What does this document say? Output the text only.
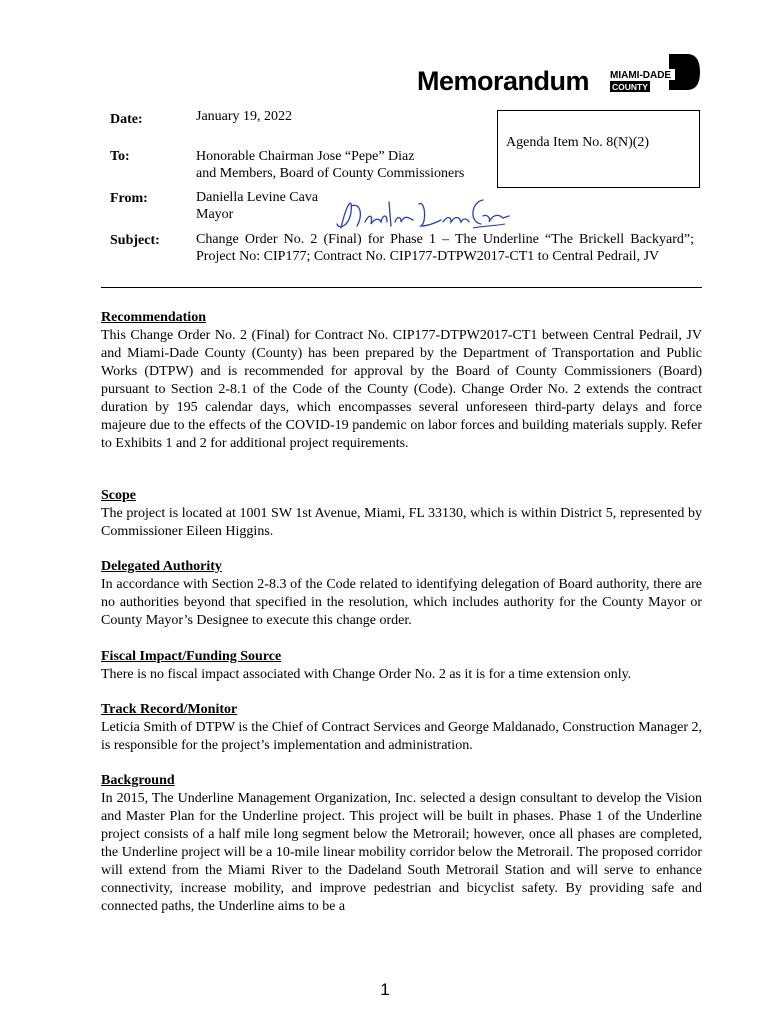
Memorandum MIAMI-DADE
COUNTY
Date:	January 19, 2022
Agenda Item No. 8(N)(2)
To:	Honorable Chairman Jose “Pepe” Diaz
and Members, Board of County Commissioners
From:	Daniella Levine Cava
Mayor
Subject:	Change Order No. 2 (Final) for Phase 1 – The Underline “The Brickell Backyard”; Project No: CIP177; Contract No. CIP177-DTPW2017-CT1 to Central Pedrail, JV
Recommendation

This Change Order No. 2 (Final) for Contract No. CIP177-DTPW2017-CT1 between Central Pedrail, JV and Miami-Dade County (County) has been prepared by the Department of Transportation and Public Works (DTPW) and is recommended for approval by the Board of County Commissioners (Board) pursuant to Section 2-8.1 of the Code of the County (Code). Change Order No. 2 extends the contract duration by 195 calendar days, which encompasses several unforeseen third-party delays and force majeure due to the effects of the COVID-19 pandemic on labor forces and building materials supply. Refer to Exhibits 1 and 2 for additional project requirements.

Scope

The project is located at 1001 SW 1st Avenue, Miami, FL 33130, which is within District 5, represented by Commissioner Eileen Higgins.

Delegated Authority

In accordance with Section 2-8.3 of the Code related to identifying delegation of Board authority, there are no authorities beyond that specified in the resolution, which includes authority for the County Mayor or County Mayor’s Designee to execute this change order.

Fiscal Impact/Funding Source

There is no fiscal impact associated with Change Order No. 2 as it is for a time extension only.

Track Record/Monitor

Leticia Smith of DTPW is the Chief of Contract Services and George Maldanado, Construction Manager 2, is responsible for the project’s implementation and administration.

Background

In 2015, The Underline Management Organization, Inc. selected a design consultant to develop the Vision and Master Plan for the Underline project. This project will be built in phases. Phase 1 of the Underline project consists of a half mile long segment below the Metrorail; however, once all phases are completed, the Underline project will be a 10-mile linear mobility corridor below the Metrorail. The proposed corridor will extend from the Miami River to the Dadeland South Metrorail Station and will serve to enhance connectivity, increase mobility, and improve pedestrian and bicyclist safety. By providing safe and connected paths, the Underline aims to be a

1
